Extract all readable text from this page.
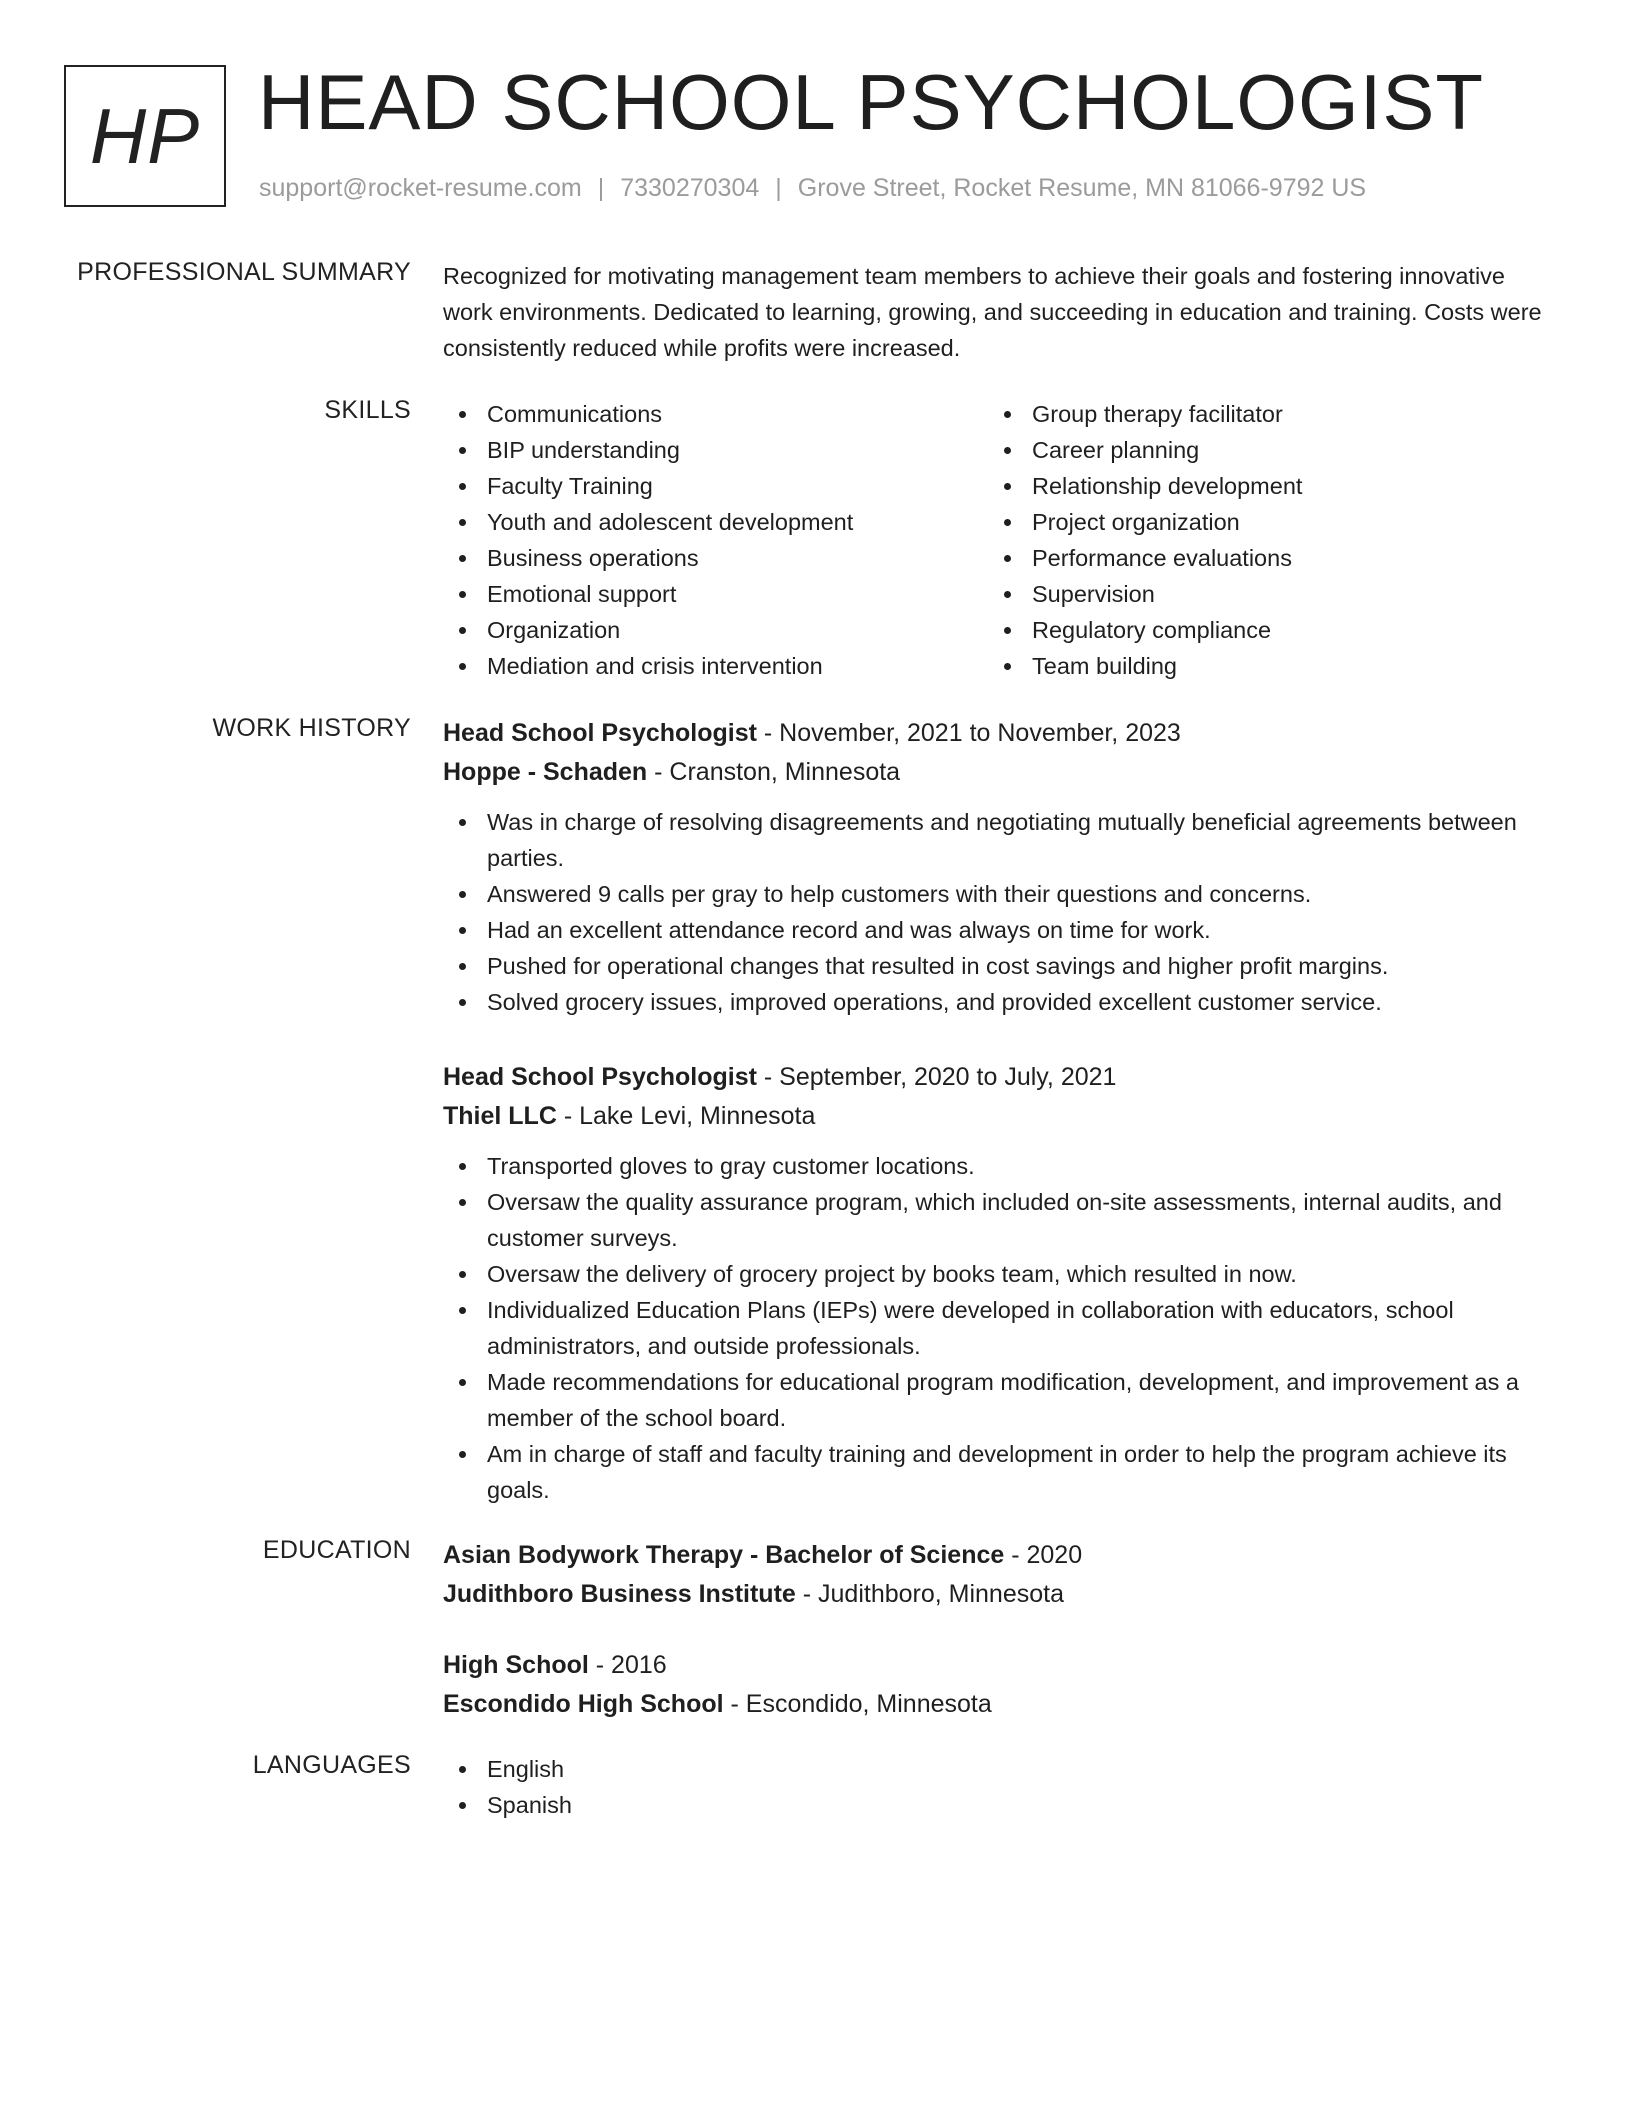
HP HEAD SCHOOL PSYCHOLOGIST
support@rocket-resume.com | 7330270304 | Grove Street, Rocket Resume, MN 81066-9792 US
PROFESSIONAL SUMMARY Recognized for motivating management team members to achieve their goals and fostering innovative work environments. Dedicated to learning, growing, and succeeding in education and training. Costs were consistently reduced while profits were increased.

SKILLS	Communications
BIP understanding
Faculty Training
Youth and adolescent development
Business operations
Emotional support
Organization
Mediation and crisis intervention
Group therapy facilitator
Career planning
Relationship development
Project organization
Performance evaluations
Supervision
Regulatory compliance
Team building
WORK HISTORY Head School Psychologist - November, 2021 to November, 2023
Hoppe - Schaden - Cranston, Minnesota
Was in charge of resolving disagreements and negotiating mutually beneficial agreements between parties.
Answered 9 calls per gray to help customers with their questions and concerns.
Had an excellent attendance record and was always on time for work.
Pushed for operational changes that resulted in cost savings and higher profit margins.
Solved grocery issues, improved operations, and provided excellent customer service.
Head School Psychologist - September, 2020 to July, 2021
Thiel LLC - Lake Levi, Minnesota
Transported gloves to gray customer locations.
Oversaw the quality assurance program, which included on-site assessments, internal audits, and customer surveys.
Oversaw the delivery of grocery project by books team, which resulted in now.
Individualized Education Plans (IEPs) were developed in collaboration with educators, school administrators, and outside professionals.
Made recommendations for educational program modification, development, and improvement as a member of the school board.
Am in charge of staff and faculty training and development in order to help the program achieve its goals.
EDUCATION Asian Bodywork Therapy - Bachelor of Science - 2020
Judithboro Business Institute - Judithboro, Minnesota
High School - 2016
Escondido High School - Escondido, Minnesota
LANGUAGES	English
Spanish
